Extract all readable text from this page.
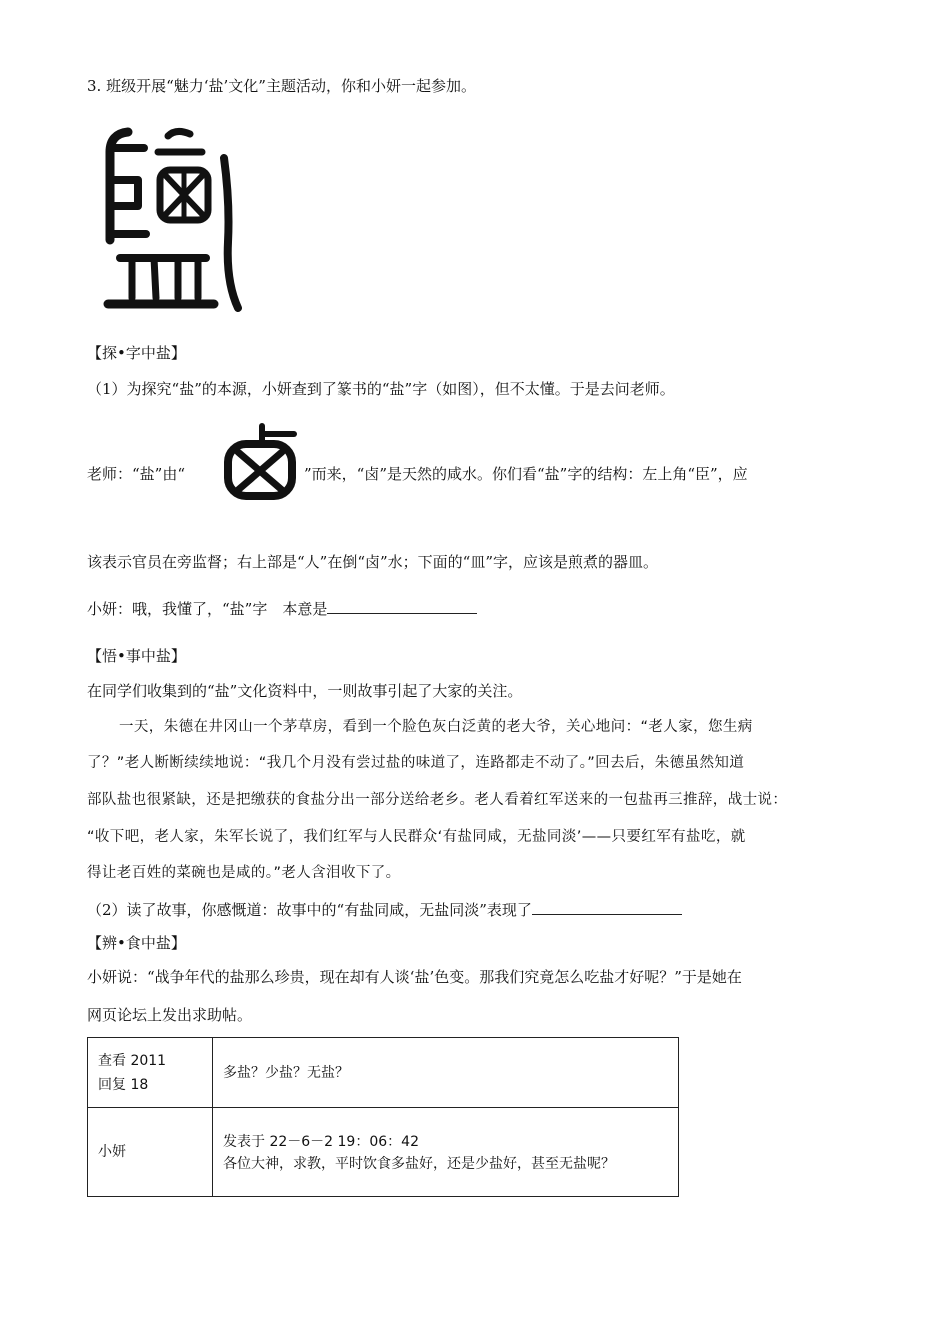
3. 班级开展“魅力‘盐’文化”主题活动，你和小妍一起参加。
【探•字中盐】
（1）为探究“盐”的本源，小妍查到了篆书的“盐”字（如图），但不太懂。于是去问老师。
老师：“盐”由“	”而来，“卤”是天然的咸水。你们看“盐”字的结构：左上角“臣”，应
该表示官员在旁监督；右上部是“人”在倒“卤”水；下面的“皿”字，应该是煎煮的器皿。
小妍：哦，我懂了，“盐”字　本意是
【悟•事中盐】
在同学们收集到的“盐”文化资料中，一则故事引起了大家的关注。
一天，朱德在井冈山一个茅草房，看到一个脸色灰白泛黄的老大爷，关心地问：“老人家，您生病
了？”老人断断续续地说：“我几个月没有尝过盐的味道了，连路都走不动了。”回去后，朱德虽然知道
部队盐也很紧缺，还是把缴获的食盐分出一部分送给老乡。老人看着红军送来的一包盐再三推辞，战士说：
“收下吧，老人家，朱军长说了，我们红军与人民群众‘有盐同咸，无盐同淡’——只要红军有盐吃，就
得让老百姓的菜碗也是咸的。”老人含泪收下了。
（2）读了故事，你感慨道：故事中的“有盐同咸，无盐同淡”表现了
【辨•食中盐】
小妍说：“战争年代的盐那么珍贵，现在却有人谈‘盐’色变。那我们究竟怎么吃盐才好呢？”于是她在
网页论坛上发出求助帖。
查看 2011
回复 18	多盐？少盐？无盐？
小妍	发表于 22－6－2 19：06：42
各位大神，求教，平时饮食多盐好，还是少盐好，甚至无盐呢？
